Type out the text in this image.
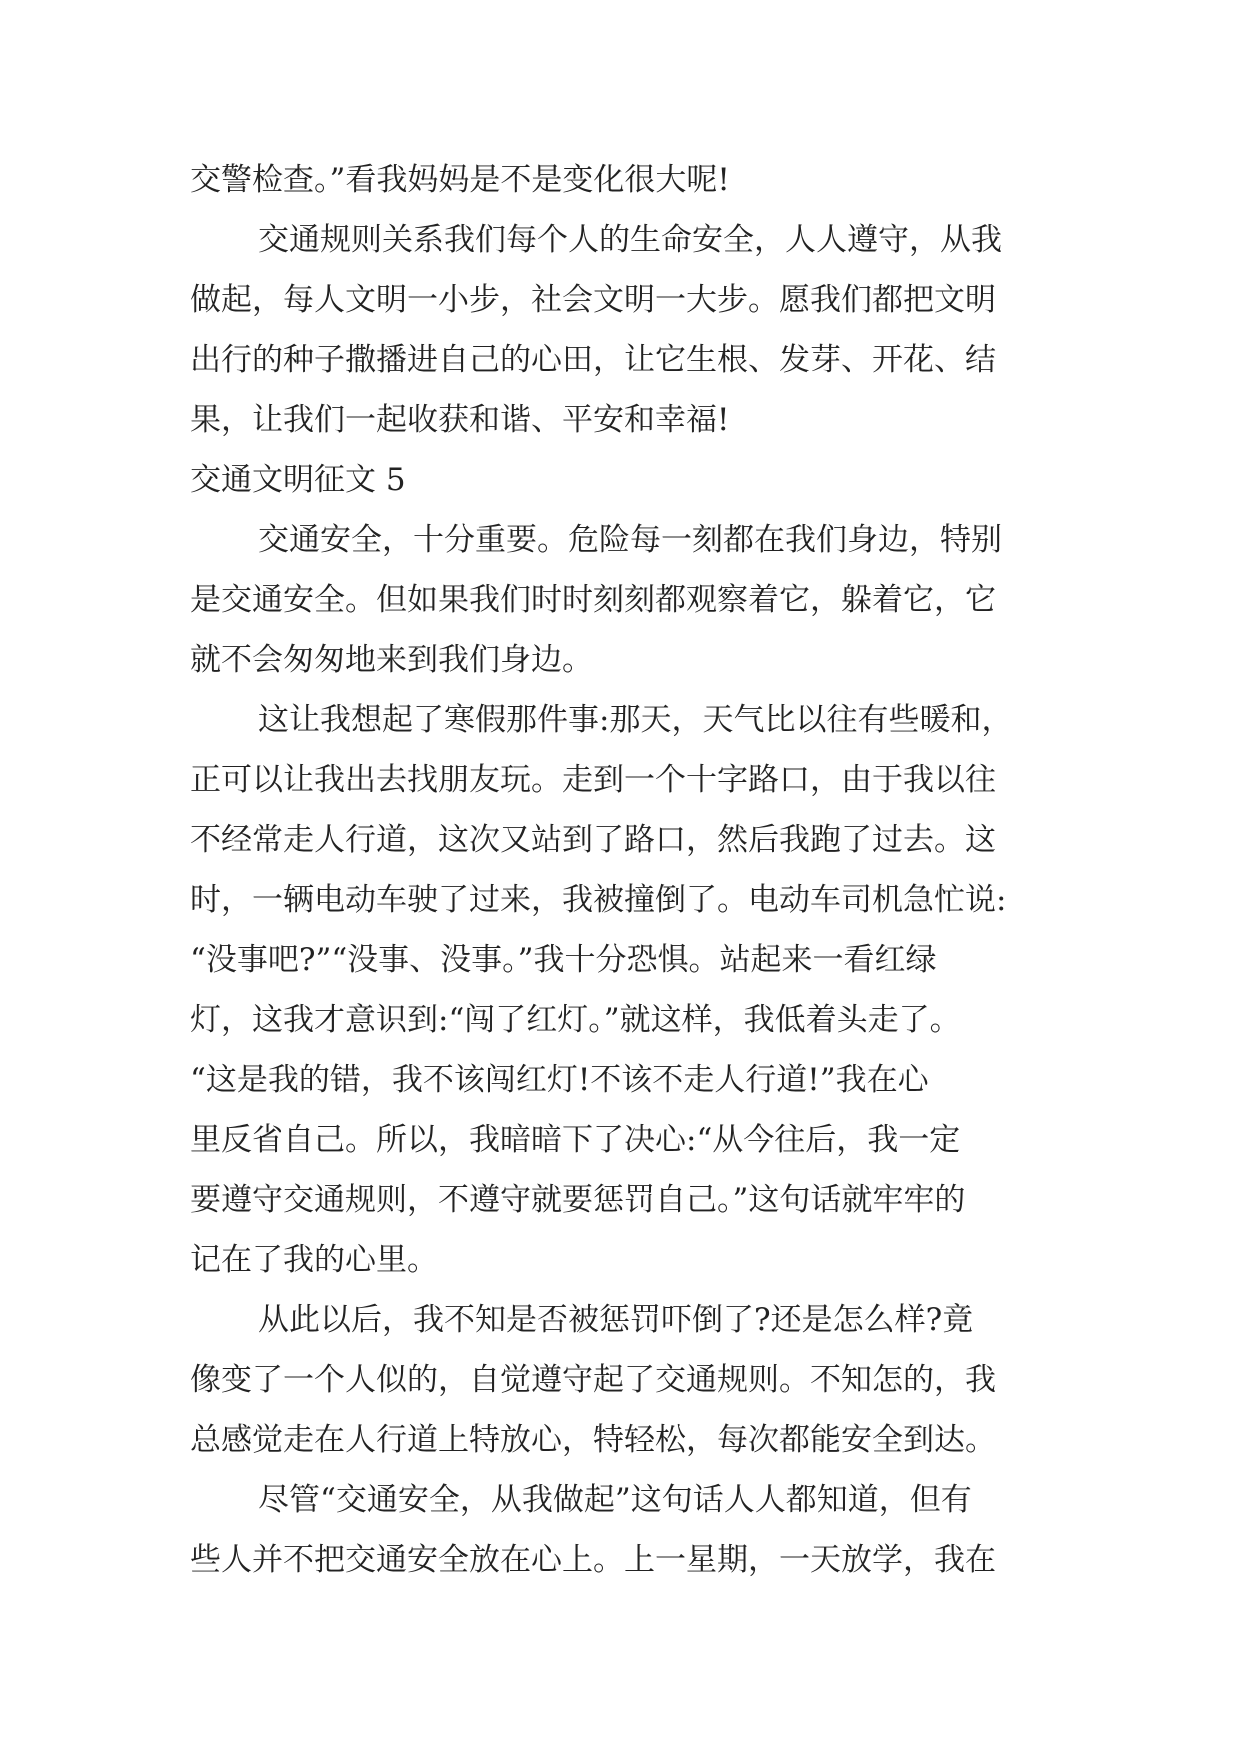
交警检查。”看我妈妈是不是变化很大呢!
交通规则关系我们每个人的生命安全，人人遵守，从我
做起，每人文明一小步，社会文明一大步。愿我们都把文明
出行的种子撒播进自己的心田，让它生根、发芽、开花、结
果，让我们一起收获和谐、平安和幸福!
交通文明征文 5
交通安全，十分重要。危险每一刻都在我们身边，特别
是交通安全。但如果我们时时刻刻都观察着它，躲着它，它
就不会匆匆地来到我们身边。
这让我想起了寒假那件事:那天，天气比以往有些暖和，
正可以让我出去找朋友玩。走到一个十字路口，由于我以往
不经常走人行道，这次又站到了路口，然后我跑了过去。这
时，一辆电动车驶了过来，我被撞倒了。电动车司机急忙说:
“没事吧?”“没事、没事。”我十分恐惧。站起来一看红绿
灯，这我才意识到:“闯了红灯。”就这样，我低着头走了。
“这是我的错，我不该闯红灯!不该不走人行道!”我在心
里反省自己。所以，我暗暗下了决心:“从今往后，我一定
要遵守交通规则，不遵守就要惩罚自己。”这句话就牢牢的
记在了我的心里。
从此以后，我不知是否被惩罚吓倒了?还是怎么样?竟
像变了一个人似的，自觉遵守起了交通规则。不知怎的，我
总感觉走在人行道上特放心，特轻松，每次都能安全到达。
尽管“交通安全，从我做起”这句话人人都知道，但有
些人并不把交通安全放在心上。上一星期，一天放学，我在
